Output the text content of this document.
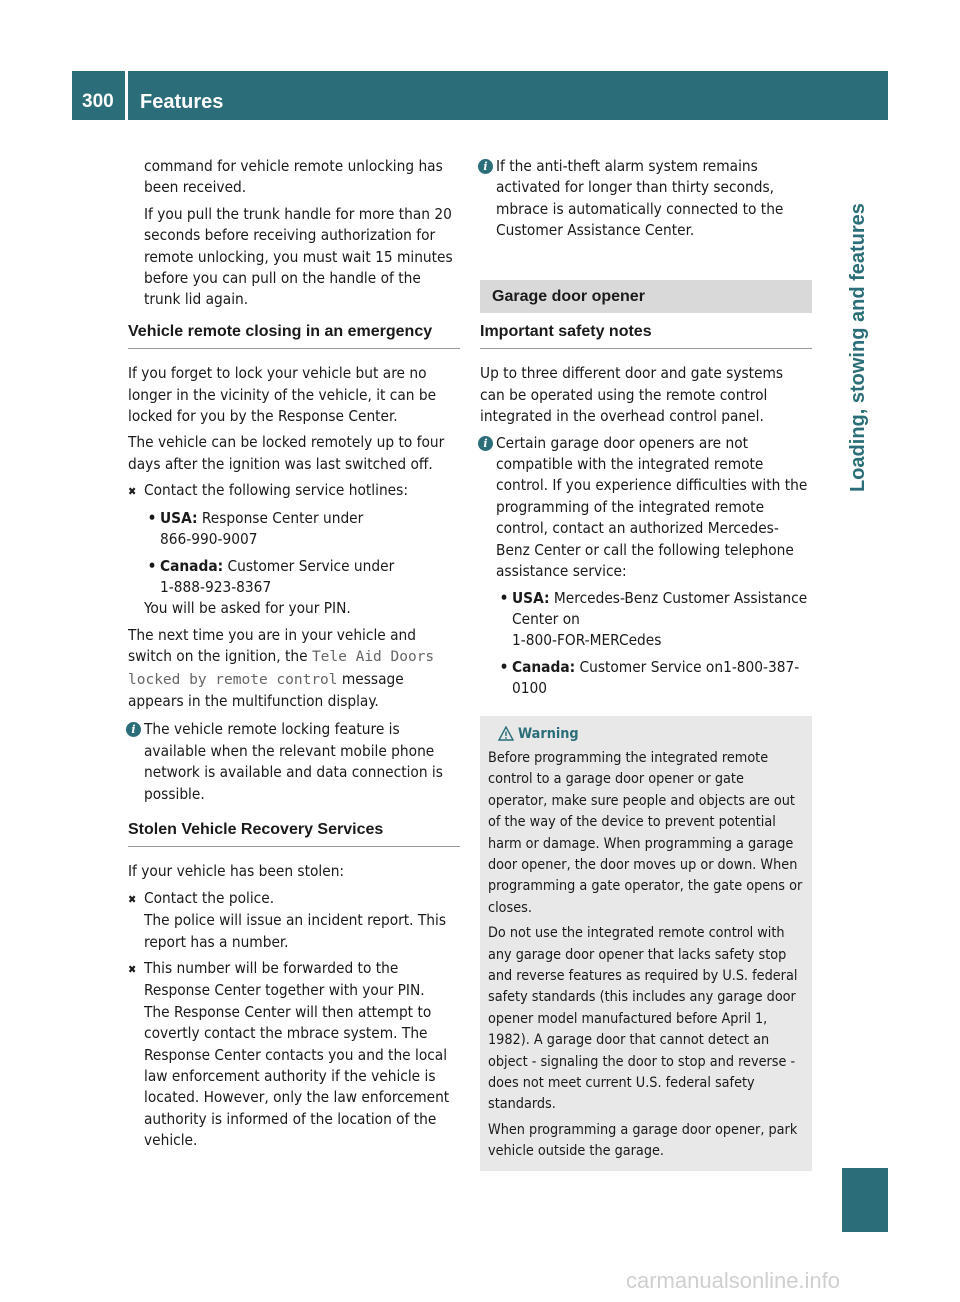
300 Features
Loading, stowing and features

command for vehicle remote unlocking has been received.

If you pull the trunk handle for more than 20 seconds before receiving authorization for remote unlocking, you must wait 15 minutes before you can pull on the handle of the trunk lid again.

Vehicle remote closing in an emergency

If you forget to lock your vehicle but are no longer in the vicinity of the vehicle, it can be locked for you by the Response Center.

The vehicle can be locked remotely up to four days after the ignition was last switched off.

✖ Contact the following service hotlines:

• USA: Response Center under

866-990-9007

• Canada: Customer Service under

1-888-923-8367

You will be asked for your PIN.

The next time you are in your vehicle and switch on the ignition, the Tele Aid Doors locked by remote control message appears in the multifunction display.

i The vehicle remote locking feature is available when the relevant mobile phone network is available and data connection is possible.

Stolen Vehicle Recovery Services

If your vehicle has been stolen:

✖ Contact the police.

The police will issue an incident report. This report has a number.

✖ This number will be forwarded to the Response Center together with your PIN.

The Response Center will then attempt to covertly contact the mbrace system. The Response Center contacts you and the local law enforcement authority if the vehicle is located. However, only the law enforcement authority is informed of the location of the vehicle.

i If the anti-theft alarm system remains activated for longer than thirty seconds, mbrace is automatically connected to the Customer Assistance Center.

Garage door opener
Important safety notes

Up to three different door and gate systems can be operated using the remote control integrated in the overhead control panel.

i Certain garage door openers are not compatible with the integrated remote control. If you experience difficulties with the programming of the integrated remote control, contact an authorized Mercedes-Benz Center or call the following telephone assistance service:

• USA: Mercedes-Benz Customer Assistance Center on

1-800-FOR-MERCedes

• Canada: Customer Service on1-800-387-0100

Warning

Before programming the integrated remote control to a garage door opener or gate operator, make sure people and objects are out of the way of the device to prevent potential harm or damage. When programming a garage door opener, the door moves up or down. When programming a gate operator, the gate opens or closes.

Do not use the integrated remote control with any garage door opener that lacks safety stop and reverse features as required by U.S. federal safety standards (this includes any garage door opener model manufactured before April 1, 1982). A garage door that cannot detect an object - signaling the door to stop and reverse - does not meet current U.S. federal safety standards.

When programming a garage door opener, park vehicle outside the garage.

carmanualsonline.info
